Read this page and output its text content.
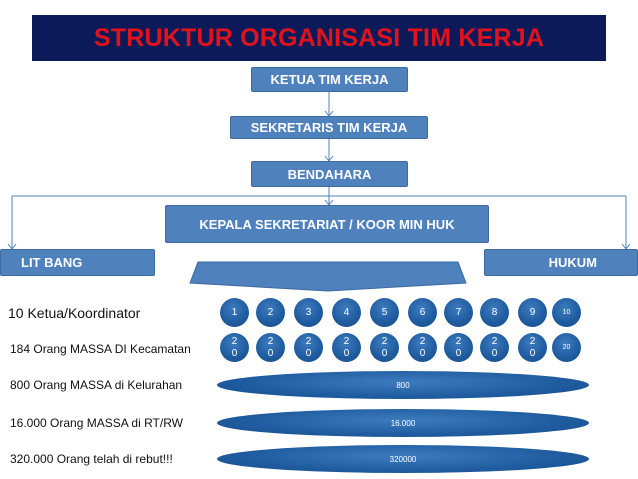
STRUKTUR ORGANISASI TIM KERJA
KETUA TIM KERJA
SEKRETARIS TIM KERJA
BENDAHARA
KEPALA SEKRETARIAT / KOOR MIN HUK
LIT BANG	HUKUM
10 Ketua/Koordinator
184 Orang MASSA DI Kecamatan
800 Orang MASSA di Kelurahan
16.000 Orang MASSA di RT/RW
320.000 Orang telah di rebut!!!
1	2	3	4	5	6	7	8	9	10
2
0
2
0
2
0
2
0
2
0
2
0
2
0
2
0
2
0
20
800
16.000
320000
